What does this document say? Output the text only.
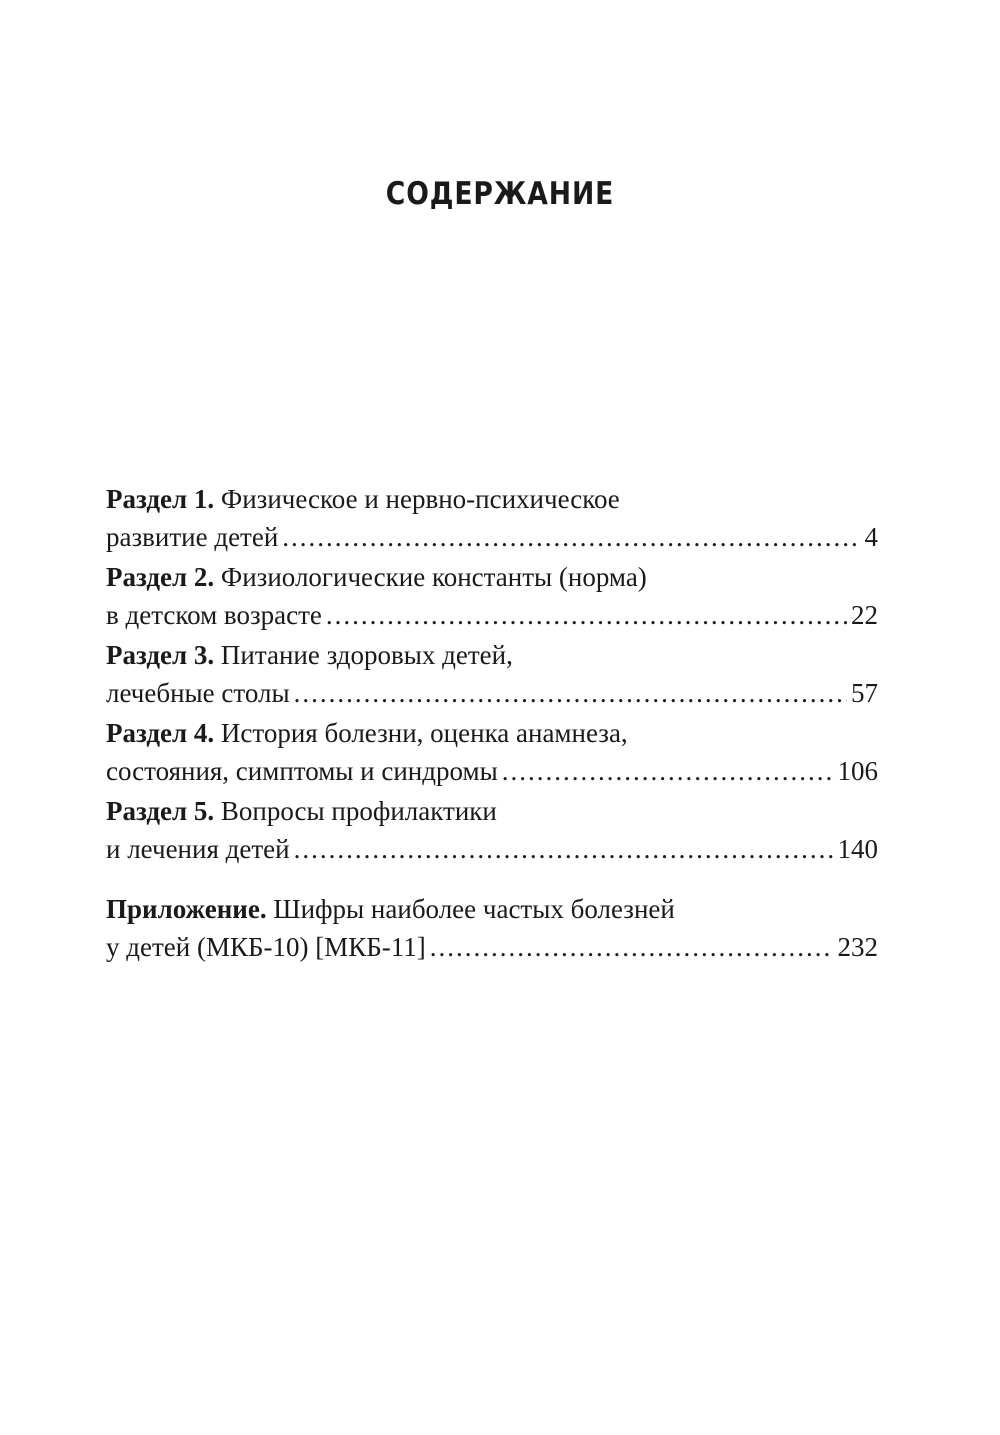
СОДЕРЖАНИЕ
Раздел 1. Физическое и нервно-психическое
развитие детей .....	4
Раздел 2. Физиологические константы (норма)
в детском возрасте .....	22
Раздел 3. Питание здоровых детей,
лечебные столы .....	57
Раздел 4. История болезни, оценка анамнеза,
состояния, симптомы и синдромы .....	106
Раздел 5. Вопросы профилактики
и лечения детей .....	140
Приложение. Шифры наиболее частых болезней
у детей (МКБ-10) [МКБ-11] .....	232
